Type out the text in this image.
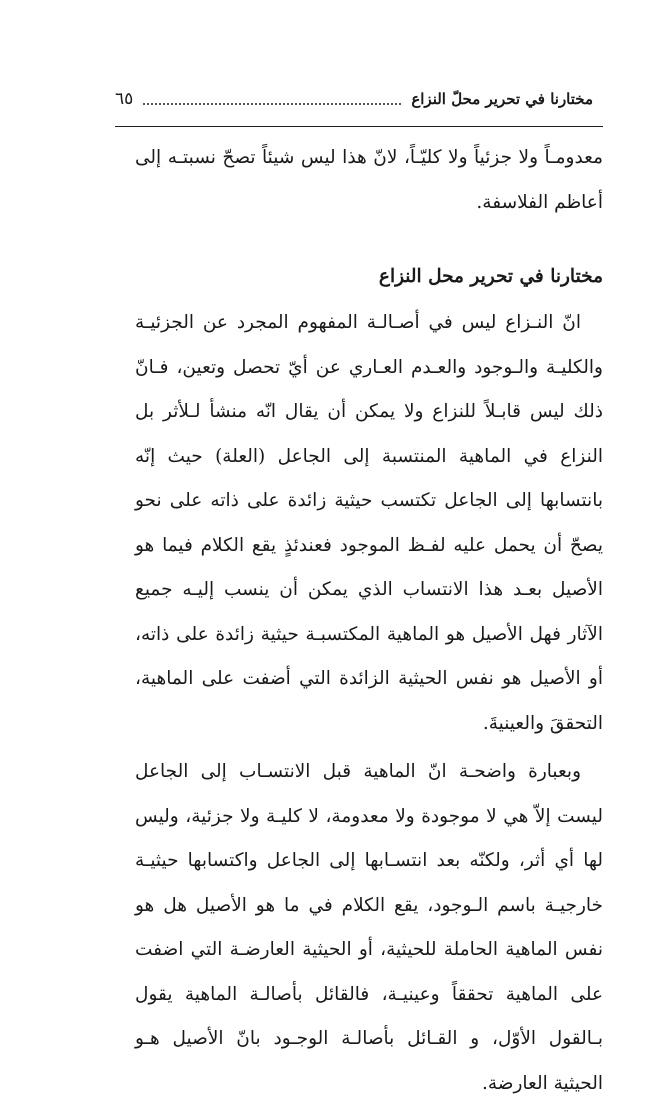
مختارنا في تحرير محلّ النزاع
٦٥

معدومـاً ولا جزئياً ولا كليّـاً، لانّ هذا ليس شيئاً تصحّ نسبتـه إلى أعاظم الفلاسفة.

مختارنا في تحرير محل النزاع

انّ النـزاع ليس في أصـالـة المفهوم المجرد عن الجزئيـة والكليـة والـوجود والعـدم العـاري عن أيّ تحصل وتعين، فـانّ ذلك ليس قابـلاً للنزاع ولا يمكن أن يقال انّه منشأ لـلأثر بل النزاع في الماهية المنتسبة إلى الجاعل (العلة) حيث إنّه بانتسابها إلى الجاعل تكتسب حيثية زائدة على ذاته على نحو يصحّ أن يحمل عليه لفـظ الموجود فعندئذٍ يقع الكلام فيما هو الأصيل بعـد هذا الانتساب الذي يمكن أن ينسب إليـه جميع الآثار فهل الأصيل هو الماهية المكتسبـة حيثية زائدة على ذاته، أو الأصيل هو نفس الحيثية الزائدة التي أضفت على الماهية، التحققَ والعينيةَ.

وبعبارة واضحـة انّ الماهية قبل الانتسـاب إلى الجاعل ليست إلاّ هي لا موجودة ولا معدومة، لا كليـة ولا جزئية، وليس لها أي أثر، ولكنّه بعد انتسـابها إلى الجاعل واكتسابها حيثيـة خارجيـة باسم الـوجود، يقع الكلام في ما هو الأصيل هل هو نفس الماهية الحاملة للحيثية، أو الحيثية العارضـة التي اضفت على الماهية تحققاً وعينيـة، فالقائل بأصالـة الماهية يقول بـالقول الأوّل، و القـائل بأصالـة الوجـود بانّ الأصيل هـو الحيثية العارضة.
